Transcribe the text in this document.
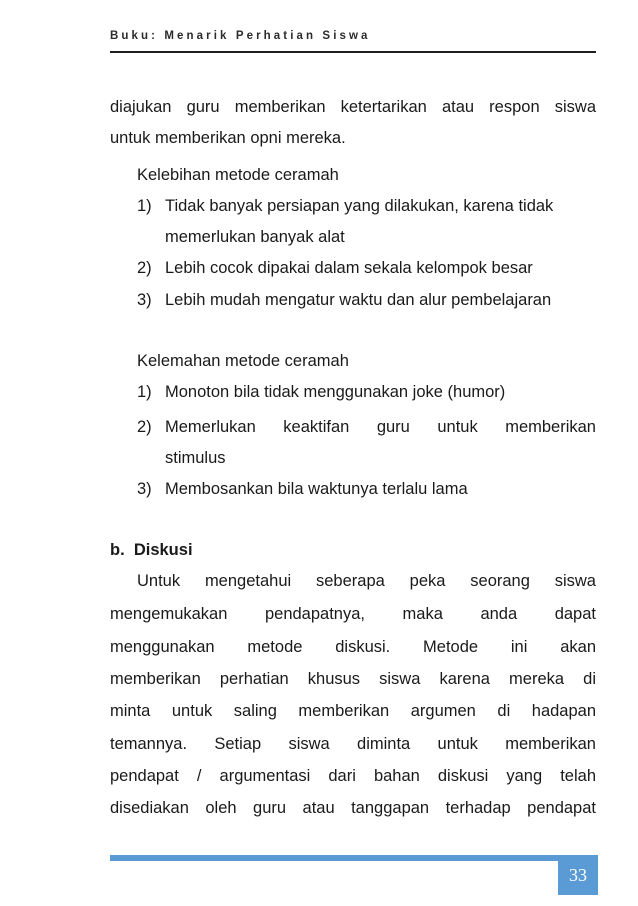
Buku: Menarik Perhatian Siswa
diajukan guru memberikan ketertarikan atau respon siswa
untuk memberikan opni mereka.
Kelebihan metode ceramah
1) Tidak banyak persiapan yang dilakukan, karena tidak
memerlukan banyak alat
2) Lebih cocok dipakai dalam sekala kelompok besar
3) Lebih mudah mengatur waktu dan alur pembelajaran
Kelemahan metode ceramah
1) Monoton bila tidak menggunakan joke (humor)
2) Memerlukan keaktifan guru untuk memberikan
stimulus
3) Membosankan bila waktunya terlalu lama
b.  Diskusi
Untuk mengetahui seberapa peka seorang siswa
mengemukakan pendapatnya, maka anda dapat
menggunakan metode diskusi. Metode ini akan
memberikan perhatian khusus siswa karena mereka di
minta untuk saling memberikan argumen di hadapan
temannya. Setiap siswa diminta untuk memberikan
pendapat / argumentasi dari bahan diskusi yang telah
disediakan oleh guru atau tanggapan terhadap pendapat
33
